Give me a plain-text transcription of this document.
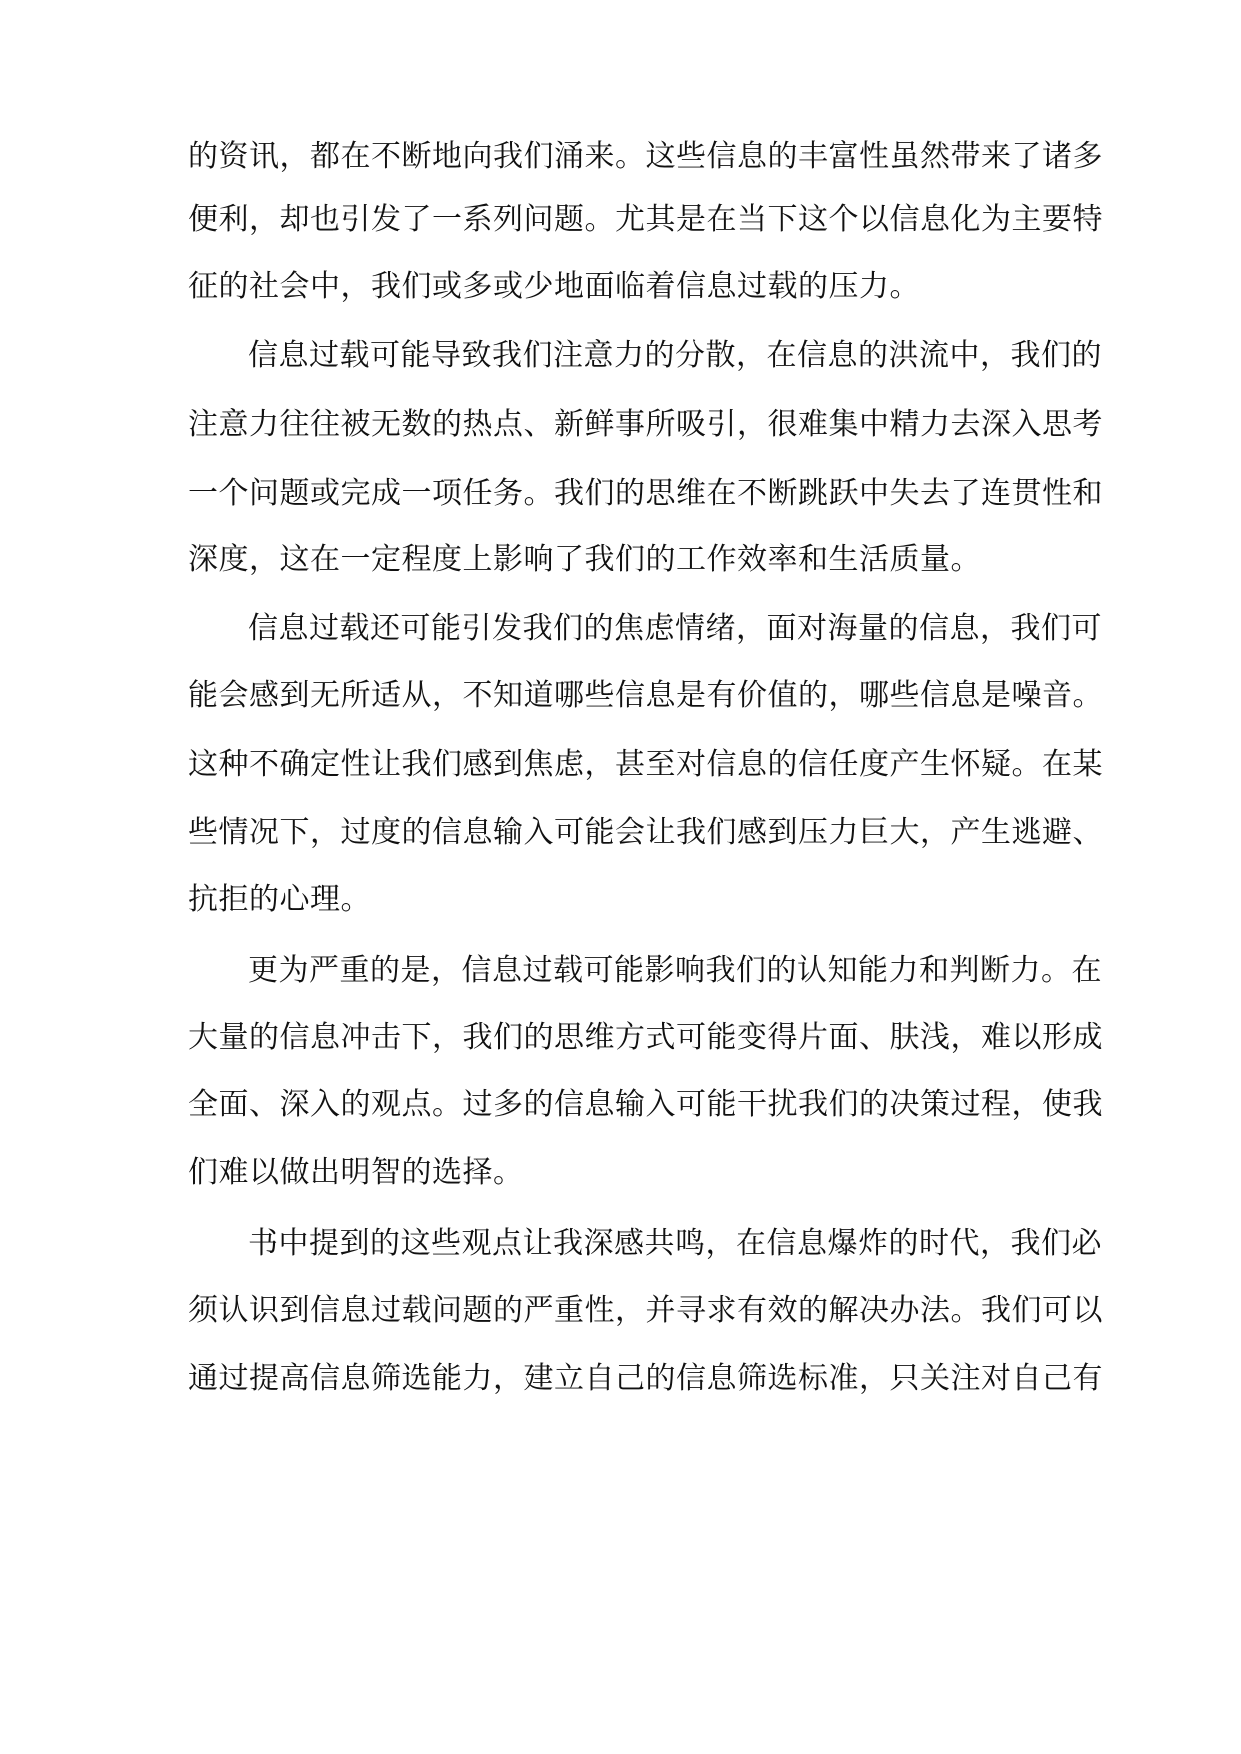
的资讯，都在不断地向我们涌来。这些信息的丰富性虽然带来了诸多
便利，却也引发了一系列问题。尤其是在当下这个以信息化为主要特
征的社会中，我们或多或少地面临着信息过载的压力。
信息过载可能导致我们注意力的分散，在信息的洪流中，我们的
注意力往往被无数的热点、新鲜事所吸引，很难集中精力去深入思考
一个问题或完成一项任务。我们的思维在不断跳跃中失去了连贯性和
深度，这在一定程度上影响了我们的工作效率和生活质量。
信息过载还可能引发我们的焦虑情绪，面对海量的信息，我们可
能会感到无所适从，不知道哪些信息是有价值的，哪些信息是噪音。
这种不确定性让我们感到焦虑，甚至对信息的信任度产生怀疑。在某
些情况下，过度的信息输入可能会让我们感到压力巨大，产生逃避、
抗拒的心理。
更为严重的是，信息过载可能影响我们的认知能力和判断力。在
大量的信息冲击下，我们的思维方式可能变得片面、肤浅，难以形成
全面、深入的观点。过多的信息输入可能干扰我们的决策过程，使我
们难以做出明智的选择。
书中提到的这些观点让我深感共鸣，在信息爆炸的时代，我们必
须认识到信息过载问题的严重性，并寻求有效的解决办法。我们可以
通过提高信息筛选能力，建立自己的信息筛选标准，只关注对自己有
